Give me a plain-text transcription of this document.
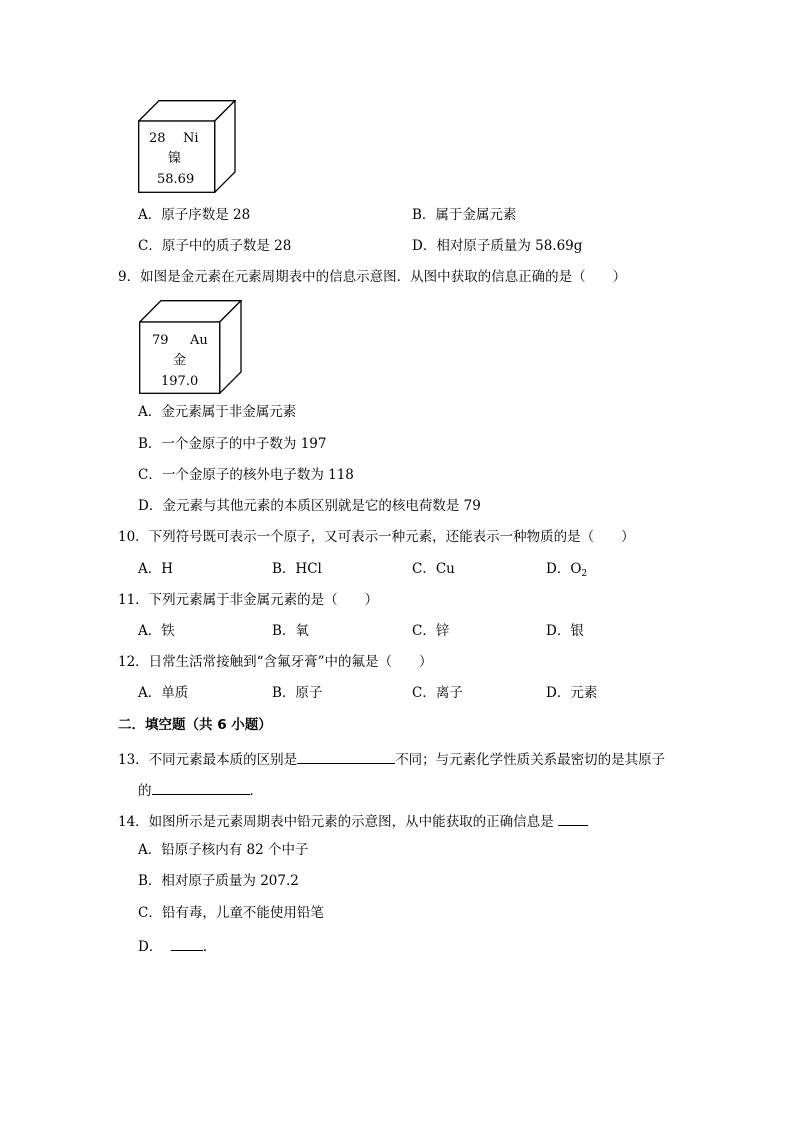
28 Ni
镍
58.69
A．原子序数是 28	B．属于金属元素
C．原子中的质子数是 28	D．相对原子质量为 58.69g
9．如图是金元素在元素周期表中的信息示意图．从图中获取的信息正确的是（　　）
79 Au
金
197.0
A．金元素属于非金属元素
B．一个金原子的中子数为 197
C．一个金原子的核外电子数为 118
D．金元素与其他元素的本质区别就是它的核电荷数是 79
10．下列符号既可表示一个原子，又可表示一种元素，还能表示一种物质的是（　　）
A．H	B．HCl	C．Cu	D．$O_2$
11．下列元素属于非金属元素的是（　　）
A．铁	B．氧	C．锌	D．银
12．日常生活常接触到“含氟牙膏”中的氟是（　　）
A．单质	B．原子	C．离子	D．元素
二．填空题（共 6 小题）
13．不同元素最本质的区别是	不同；与元素化学性质关系最密切的是其原子
的	．
14．如图所示是元素周期表中铅元素的示意图，从中能获取的正确信息是
A．铅原子核内有 82 个中子
B．相对原子质量为 207.2
C．铅有毒，儿童不能使用铅笔
D．	．
